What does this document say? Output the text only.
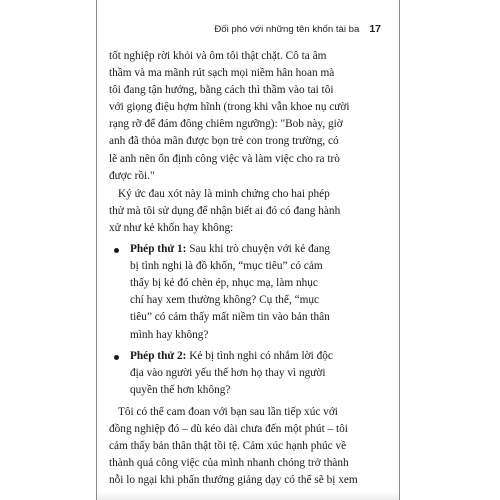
Đối phó với những tên khốn tài ba 17
tốt nghiệp rời khỏi và ôm tôi thật chặt. Cô ta âm
thầm và ma mãnh rút sạch mọi niềm hân hoan mà
tôi đang tận hưởng, bằng cách thì thầm vào tai tôi
với giọng điệu hợm hĩnh (trong khi vẫn khoe nụ cười
rạng rỡ để đám đông chiêm ngưỡng): "Bob này, giờ
anh đã thỏa mãn được bọn trẻ con trong trường, có
lẽ anh nên ổn định công việc và làm việc cho ra trò
được rồi."
Ký ức đau xót này là minh chứng cho hai phép
thử mà tôi sử dụng để nhận biết ai đó có đang hành
xử như kẻ khốn hay không:
Phép thử 1: Sau khi trò chuyện với kẻ đang
bị tình nghi là đồ khốn, “mục tiêu” có cảm
thấy bị kẻ đó chèn ép, nhục mạ, làm nhục
chí hay xem thường không? Cụ thể, “mục
tiêu” có cảm thấy mất niềm tin vào bản thân
mình hay không?
Phép thử 2: Kẻ bị tình nghi có nhắm lời độc
địa vào người yếu thế hơn họ thay vì người
quyền thế hơn không?
Tôi có thể cam đoan với bạn sau lần tiếp xúc với
đồng nghiệp đó – dù kéo dài chưa đến một phút – tôi
cảm thấy bản thân thật tồi tệ. Cảm xúc hạnh phúc về
thành quả công việc của mình nhanh chóng trở thành
nỗi lo ngại khi phấn thưởng giảng dạy có thể sẽ bị xem
